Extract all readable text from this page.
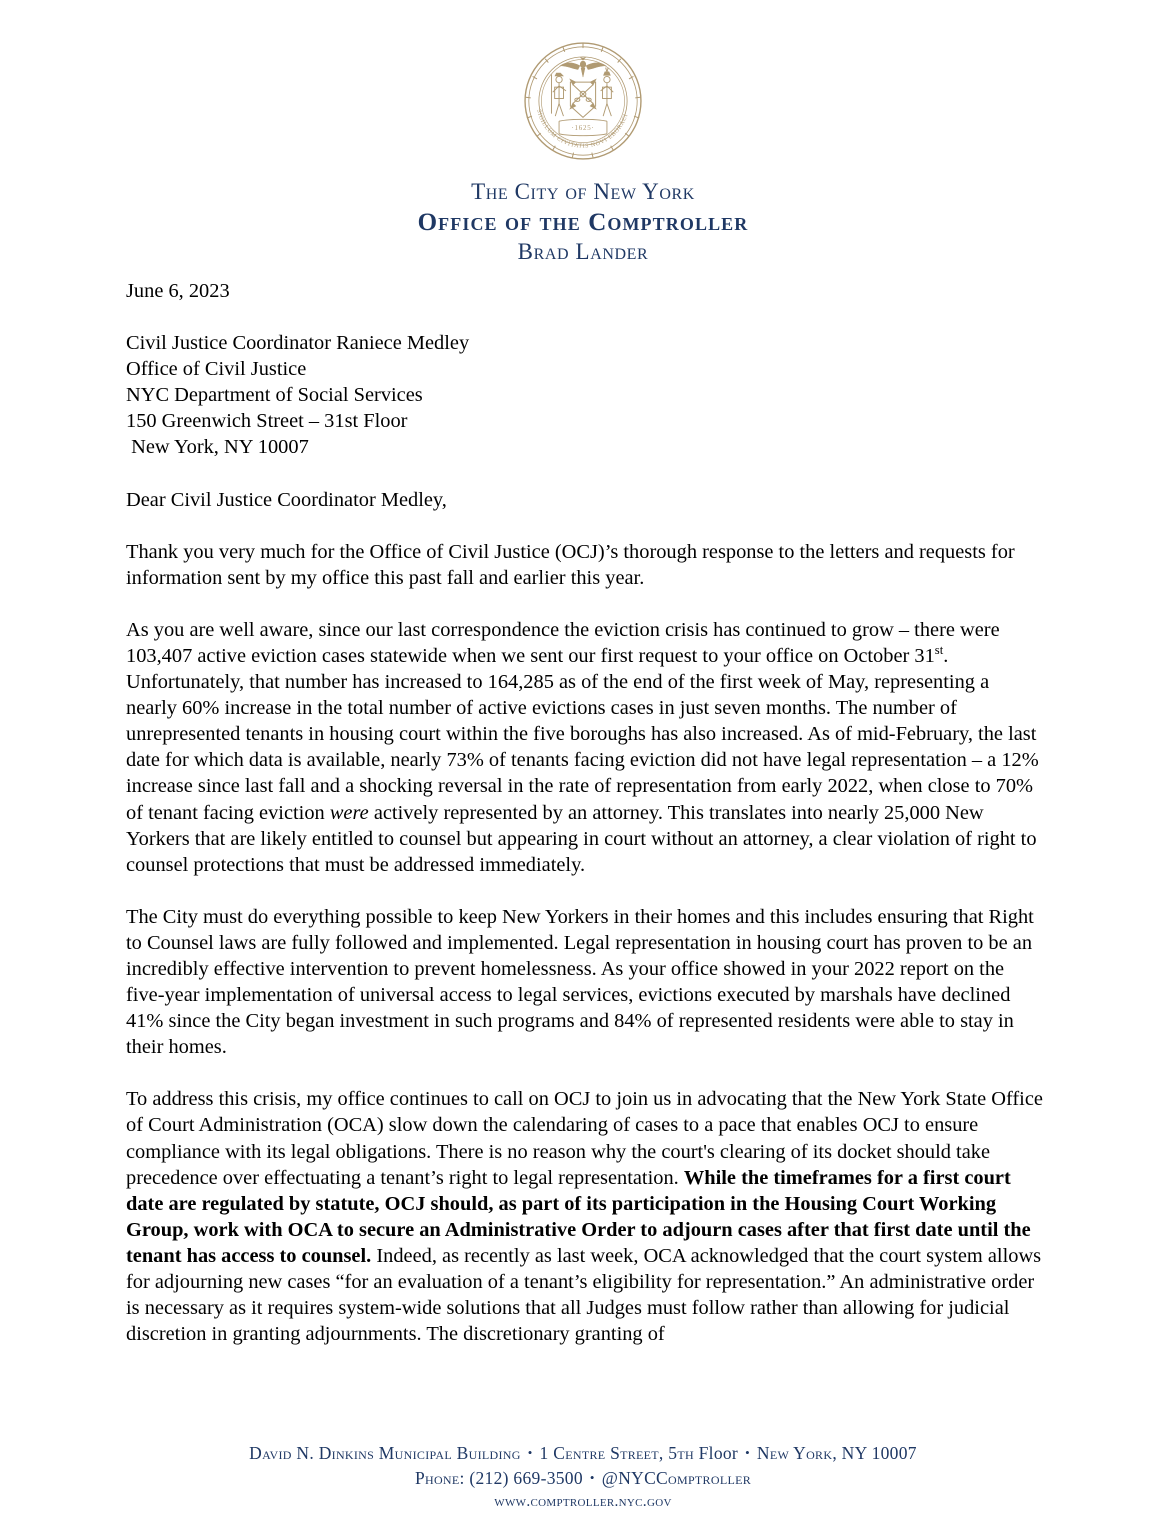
SIGILLUM CIVITATIS NOVI EBORACI
·1625·
The City of New York
Office of the Comptroller
Brad Lander

June 6, 2023

Civil Justice Coordinator Raniece Medley

Office of Civil Justice

NYC Department of Social Services

150 Greenwich Street – 31st Floor

New York, NY 10007

Dear Civil Justice Coordinator Medley,

Thank you very much for the Office of Civil Justice (OCJ)’s thorough response to the letters and requests for information sent by my office this past fall and earlier this year.

As you are well aware, since our last correspondence the eviction crisis has continued to grow – there were 103,407 active eviction cases statewide when we sent our first request to your office on October 31st. Unfortunately, that number has increased to 164,285 as of the end of the first week of May, representing a nearly 60% increase in the total number of active evictions cases in just seven months. The number of unrepresented tenants in housing court within the five boroughs has also increased. As of mid-February, the last date for which data is available, nearly 73% of tenants facing eviction did not have legal representation – a 12% increase since last fall and a shocking reversal in the rate of representation from early 2022, when close to 70% of tenant facing eviction were actively represented by an attorney. This translates into nearly 25,000 New Yorkers that are likely entitled to counsel but appearing in court without an attorney, a clear violation of right to counsel protections that must be addressed immediately.

The City must do everything possible to keep New Yorkers in their homes and this includes ensuring that Right to Counsel laws are fully followed and implemented. Legal representation in housing court has proven to be an incredibly effective intervention to prevent homelessness. As your office showed in your 2022 report on the five-year implementation of universal access to legal services, evictions executed by marshals have declined 41% since the City began investment in such programs and 84% of represented residents were able to stay in their homes.

To address this crisis, my office continues to call on OCJ to join us in advocating that the New York State Office of Court Administration (OCA) slow down the calendaring of cases to a pace that enables OCJ to ensure compliance with its legal obligations. There is no reason why the court's clearing of its docket should take precedence over effectuating a tenant’s right to legal representation. While the timeframes for a first court date are regulated by statute, OCJ should, as part of its participation in the Housing Court Working Group, work with OCA to secure an Administrative Order to adjourn cases after that first date until the tenant has access to counsel. Indeed, as recently as last week, OCA acknowledged that the court system allows for adjourning new cases “for an evaluation of a tenant’s eligibility for representation.” An administrative order is necessary as it requires system-wide solutions that all Judges must follow rather than allowing for judicial discretion in granting adjournments. The discretionary granting of

David N. Dinkins Municipal Building • 1 Centre Street, 5th Floor • New York, NY 10007
Phone: (212) 669-3500 • @NYCComptroller
www.comptroller.nyc.gov
